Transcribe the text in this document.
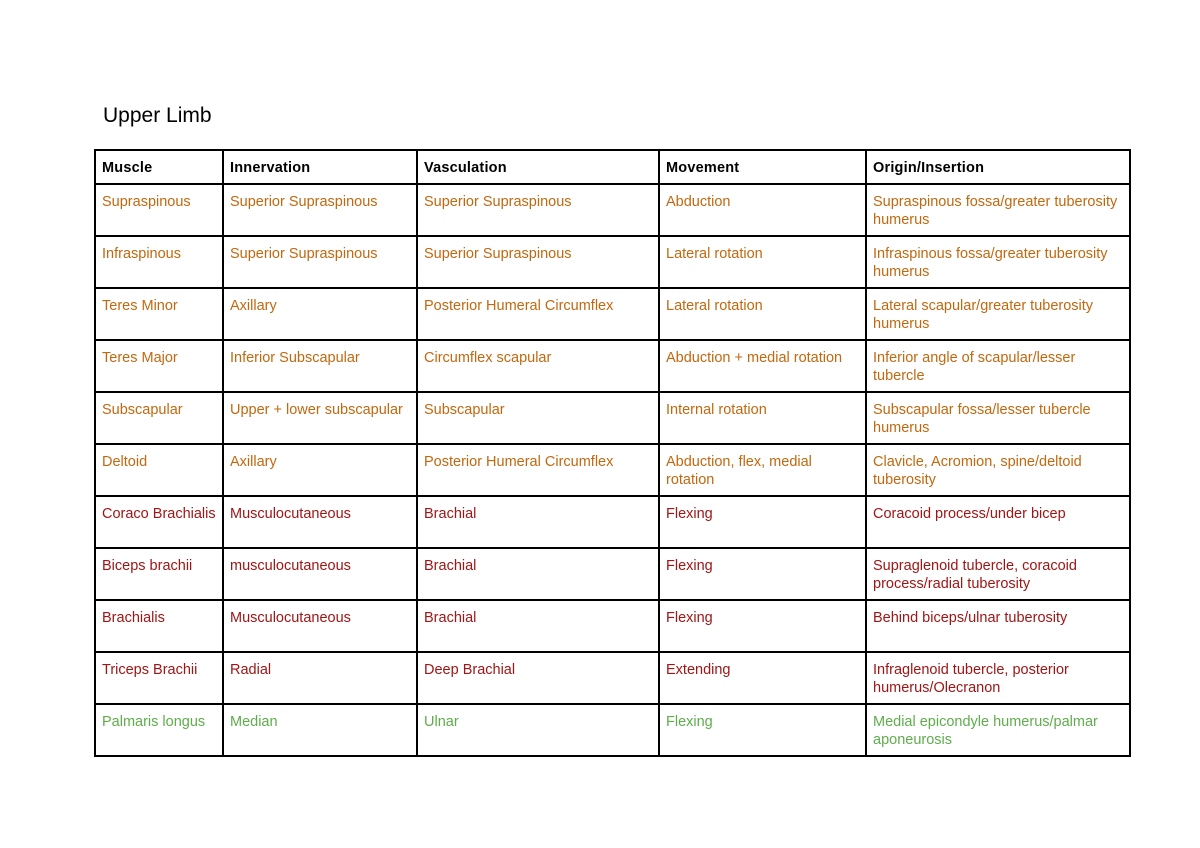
Upper Limb
Muscle	Innervation	Vasculation	Movement	Origin/Insertion
Supraspinous	Superior Supraspinous	Superior Supraspinous	Abduction	Supraspinous fossa/greater tuberosity humerus
Infraspinous	Superior Supraspinous	Superior Supraspinous	Lateral rotation	Infraspinous fossa/greater tuberosity humerus
Teres Minor	Axillary	Posterior Humeral Circumflex	Lateral rotation	Lateral scapular/greater tuberosity humerus
Teres Major	Inferior Subscapular	Circumflex scapular	Abduction + medial rotation	Inferior angle of scapular/lesser tubercle
Subscapular	Upper + lower subscapular	Subscapular	Internal rotation	Subscapular fossa/lesser tubercle humerus
Deltoid	Axillary	Posterior Humeral Circumflex	Abduction, flex, medial rotation	Clavicle, Acromion, spine/deltoid tuberosity
Coraco Brachialis	Musculocutaneous	Brachial	Flexing	Coracoid process/under bicep
Biceps brachii	musculocutaneous	Brachial	Flexing	Supraglenoid tubercle, coracoid process/radial tuberosity
Brachialis	Musculocutaneous	Brachial	Flexing	Behind biceps/ulnar tuberosity
Triceps Brachii	Radial	Deep Brachial	Extending	Infraglenoid tubercle, posterior humerus/Olecranon
Palmaris longus	Median	Ulnar	Flexing	Medial epicondyle humerus/palmar aponeurosis
